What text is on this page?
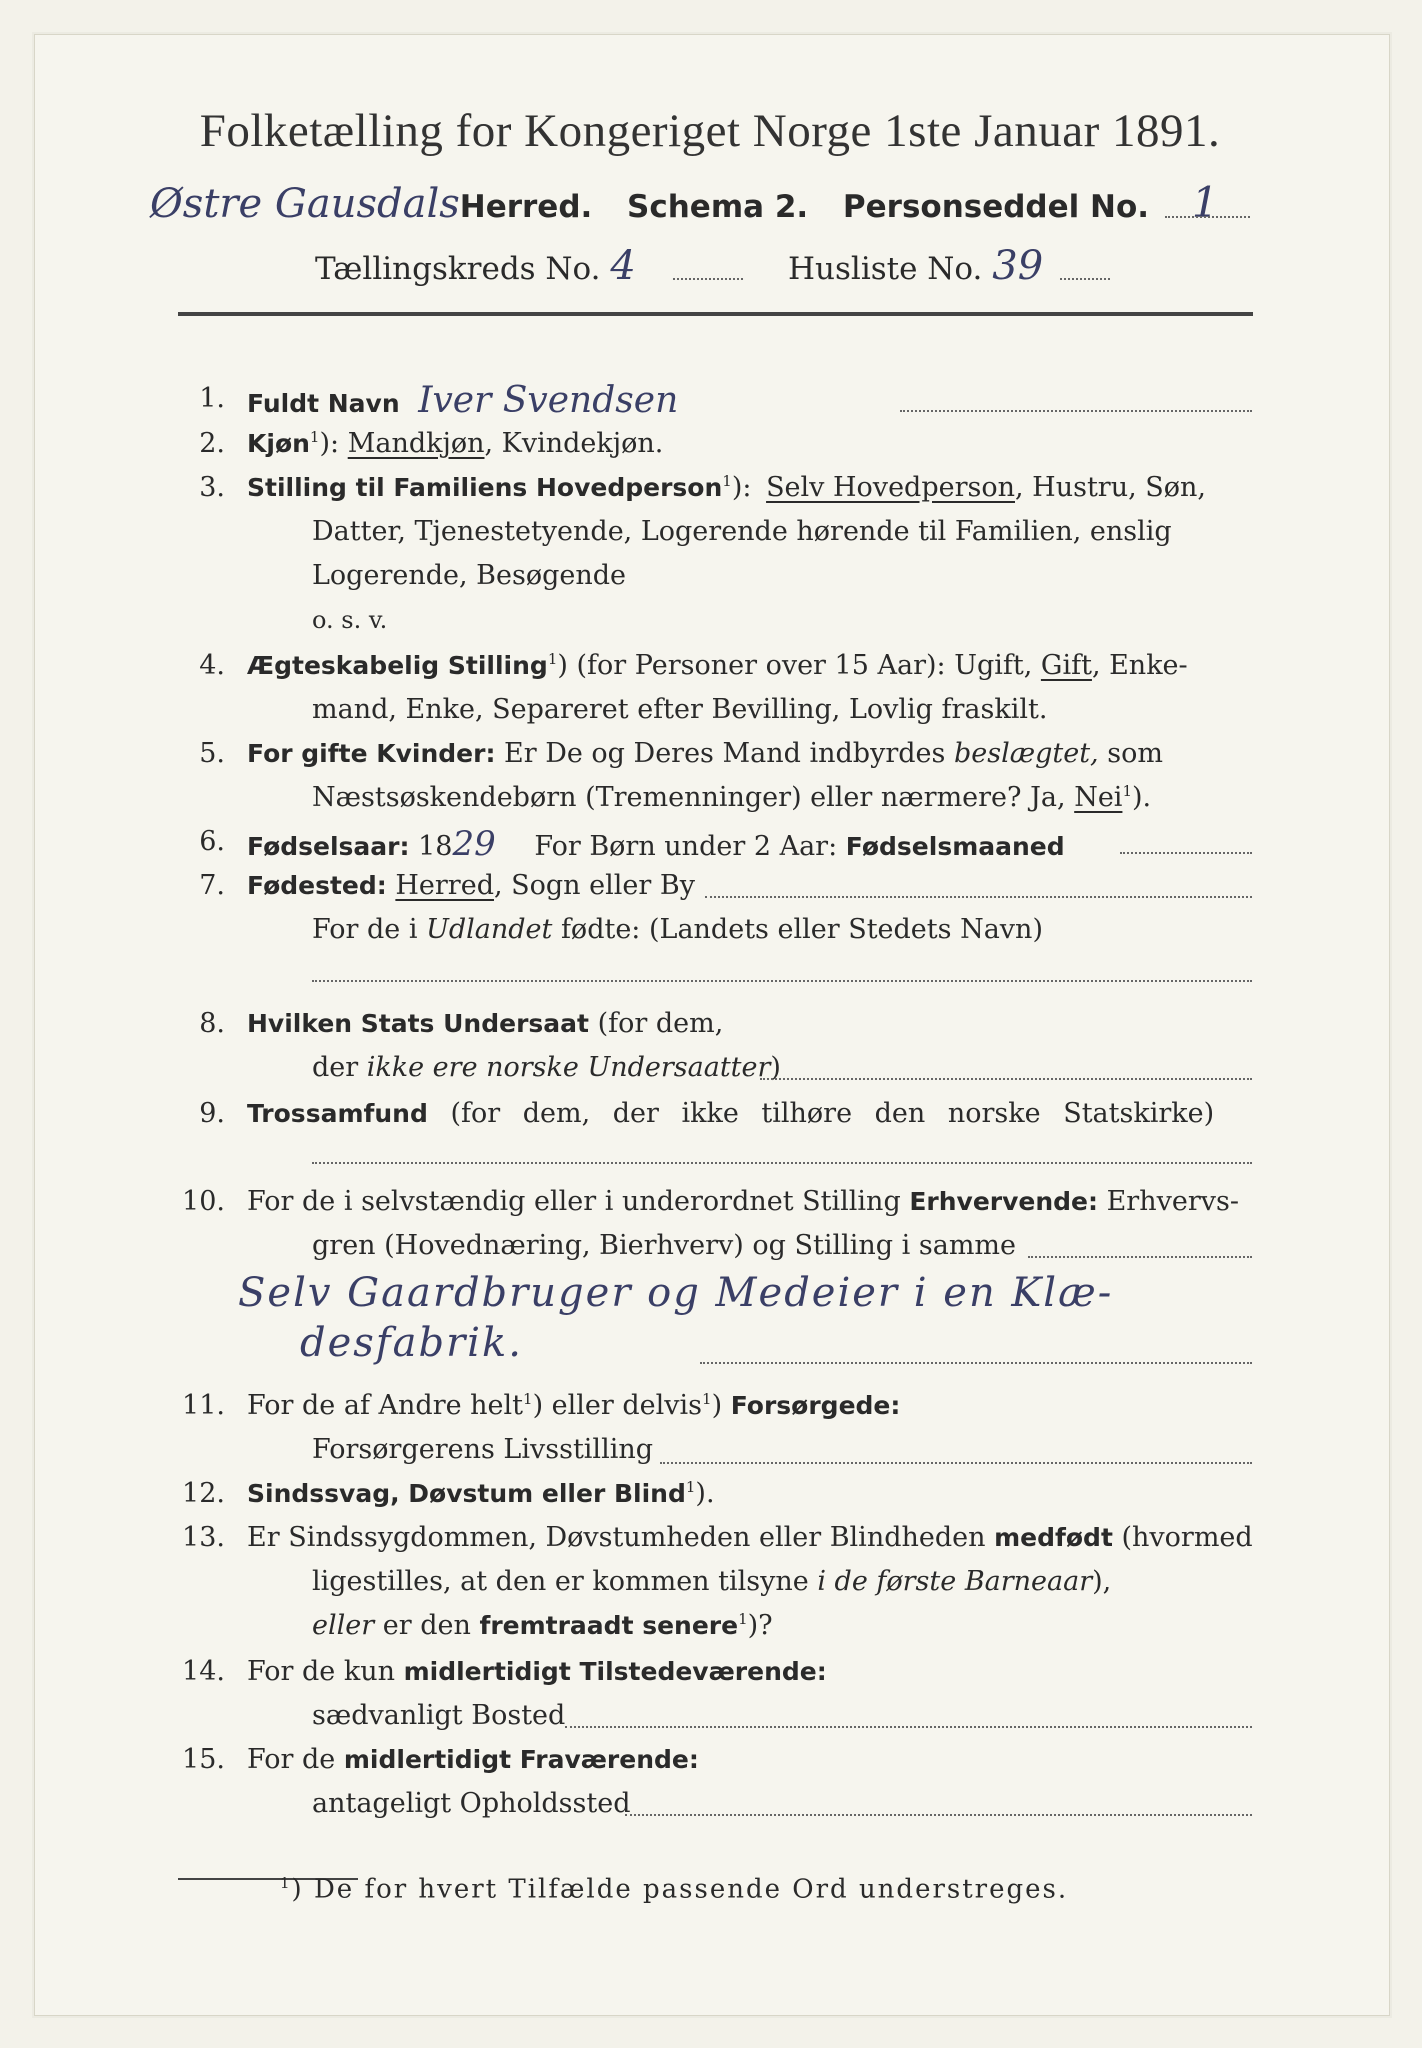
Folketælling for Kongeriget Norge 1ste Januar 1891.
Østre GausdalsHerred. Schema 2. Personseddel No. 1
Tællingskreds No. 4	Husliste No. 39
1. Fuldt Navn Iver Svendsen
2. Kjøn$^1$): Mandkjøn, Kvindekjøn.
3. Stilling til Familiens Hovedperson$^1$): Selv Hovedperson, Hustru, Søn,
Datter, Tjenestetyende, Logerende hørende til Familien, enslig
Logerende, Besøgende
o. s. v.
4. Ægteskabelig Stilling$^1$) (for Personer over 15 Aar): Ugift, Gift, Enke-
mand, Enke, Separeret efter Bevilling, Lovlig fraskilt.
5. For gifte Kvinder: Er De og Deres Mand indbyrdes beslægtet, som
Næstsøskendebørn (Tremenninger) eller nærmere? Ja, Nei$^1$).
6. Fødselsaar: 1829 For Børn under 2 Aar: Fødselsmaaned
7. Fødested: Herred, Sogn eller By
For de i Udlandet fødte: (Landets eller Stedets Navn)
8. Hvilken Stats Undersaat (for dem,
der ikke ere norske Undersaatter)
9. Trossamfund (for dem, der ikke tilhøre den norske Statskirke)
10. For de i selvstændig eller i underordnet Stilling Erhvervende: Erhvervs-
gren (Hovednæring, Bierhverv) og Stilling i samme
Selv Gaardbruger og Medeier i en Klæ-
desfabrik.
11. For de af Andre helt$^1$) eller delvis$^1$) Forsørgede:
Forsørgerens Livsstilling
12. Sindssvag, Døvstum eller Blind$^1$).
13. Er Sindssygdommen, Døvstumheden eller Blindheden medfødt (hvormed
ligestilles, at den er kommen tilsyne i de første Barneaar),
eller er den fremtraadt senere$^1$)?
14. For de kun midlertidigt Tilstedeværende:
sædvanligt Bosted
15. For de midlertidigt Fraværende:
antageligt Opholdssted
$^1$) De for hvert Tilfælde passende Ord understreges.
